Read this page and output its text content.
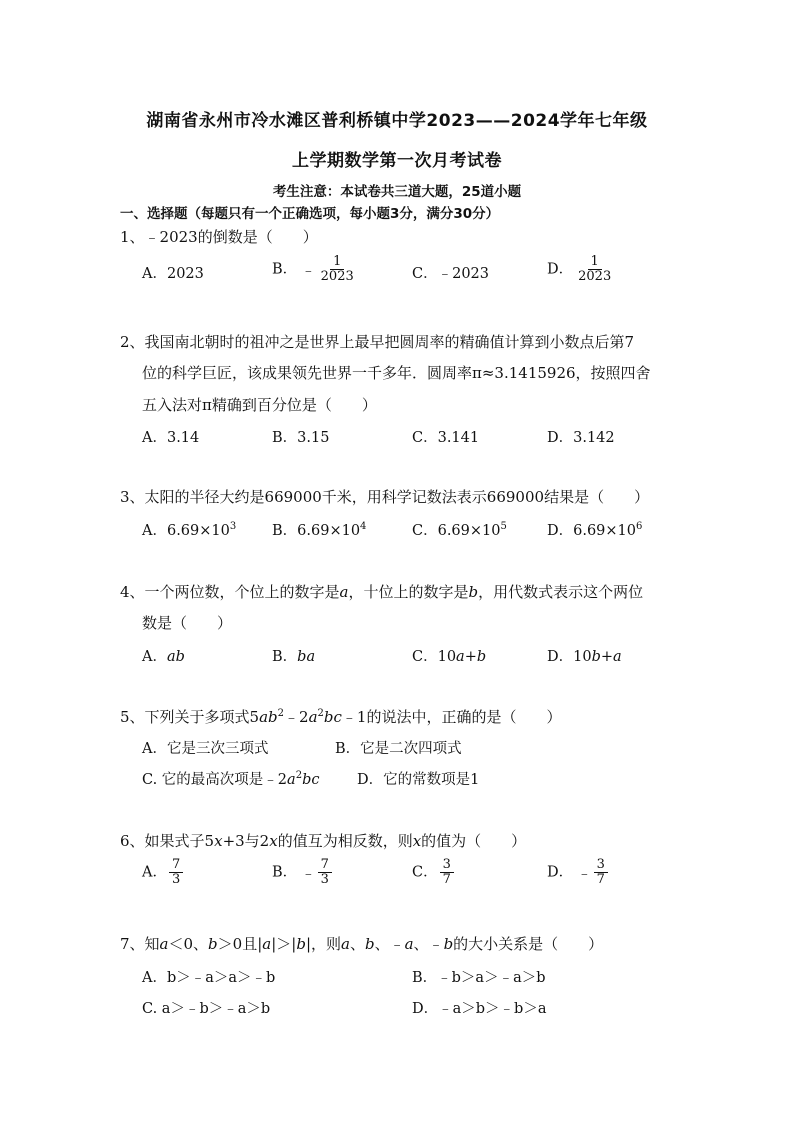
湖南省永州市冷水滩区普利桥镇中学2023——2024学年七年级
上学期数学第一次月考试卷
考生注意：本试卷共三道大题，25道小题
一、选择题（每题只有一个正确选项，每小题3分，满分30分）
1、﹣2023的倒数是（　　）
A．2023	B． ﹣ $\frac{1}{2023}$	C．﹣2023	D． $\frac{1}{2023}$
2、我国南北朝时的祖冲之是世界上最早把圆周率的精确值计算到小数点后第7
位的科学巨匠，该成果领先世界一千多年．圆周率π≈3.1415926，按照四舍
五入法对π精确到百分位是（　　）
A．3.14	B．3.15	C．3.141	D．3.142
3、太阳的半径大约是669000千米，用科学记数法表示669000结果是（　　）
A．$6.69\times 10^3$ B．$6.69\times 10^4$	C．$6.69\times 10^5$	D．$6.69\times 10^6$
4、一个两位数，个位上的数字是a，十位上的数字是b，用代数式表示这个两位
数是（　　）
A．ab	B．ba	C．10a+b	D．10b+a
5、下列关于多项式$5ab^2﹣2a^2bc﹣1$的说法中，正确的是（　　）
A．它是三次三项式	B．它是二次四项式
C. 它的最高次项是$﹣2a^2bc$	D．它的常数项是1
6、如果式子5x+3与2x的值互为相反数，则x的值为（　　）
A． $\frac{7}{3}$	B． ﹣ $\frac{7}{3}$	C． $\frac{3}{7}$	D． ﹣ $\frac{3}{7}$
7、知a＜0、b＞0且|a|＞|b|，则a、b、﹣a、﹣b的大小关系是（　　）
A．b＞﹣a＞a＞﹣b	B．﹣b＞a＞﹣a＞b
C. a＞﹣b＞﹣a＞b	D．﹣a＞b＞﹣b＞a
